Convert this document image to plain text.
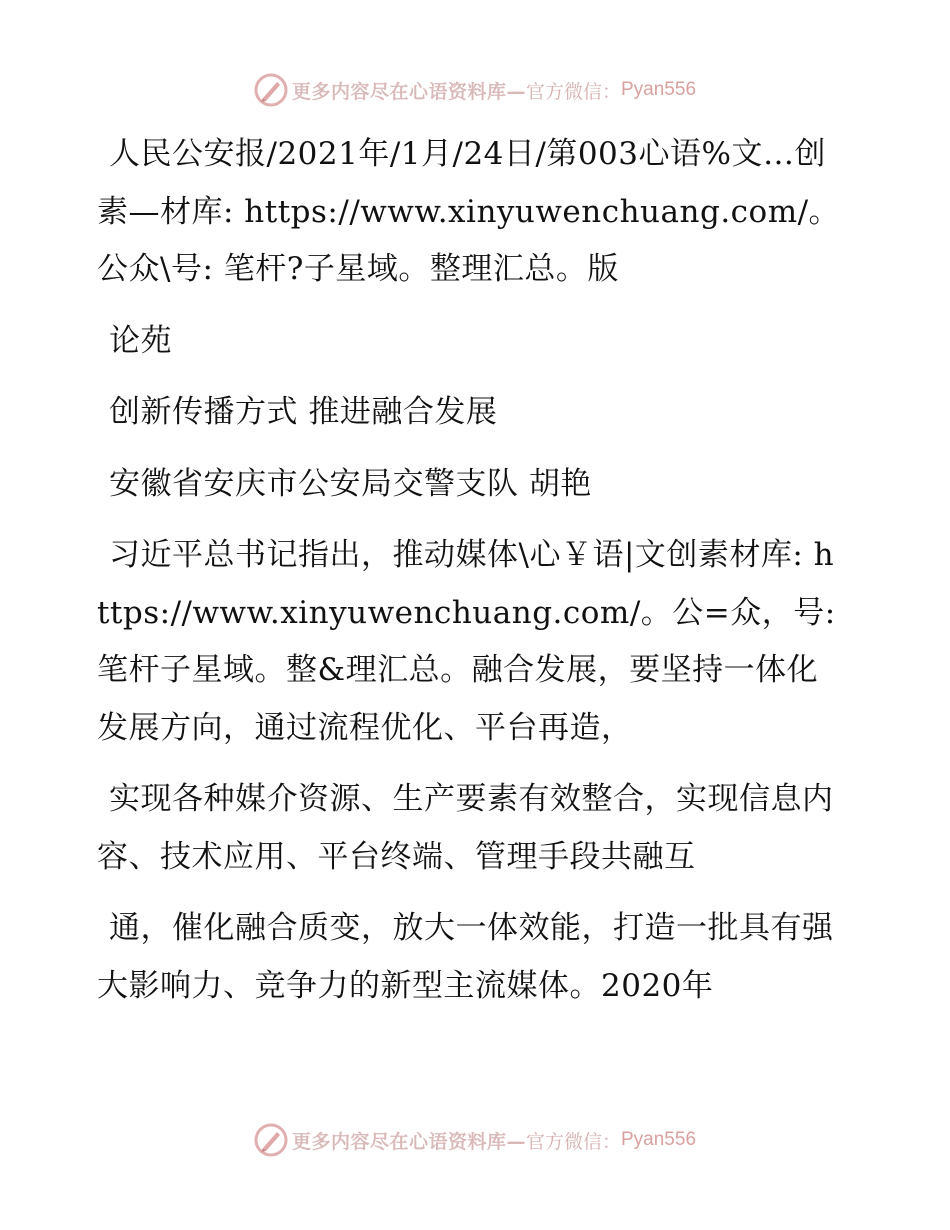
更多内容尽在心语资料库— 官方微信： Pyan556

人民公安报/2021年/1月/24日/第003心语%文…创素—材库: https://www.xinyuwenchuang.com/。公众\号: 笔杆?子星域。整理汇总。版

论苑

创新传播方式 推进融合发展

安徽省安庆市公安局交警支队 胡艳

习近平总书记指出，推动媒体\心￥语|文创素材库: https://www.xinyuwenchuang.com/。公=众，号: 笔杆子星域。整&理汇总。融合发展，要坚持一体化发展方向，通过流程优化、平台再造，

实现各种媒介资源、生产要素有效整合，实现信息内容、技术应用、平台终端、管理手段共融互

通，催化融合质变，放大一体效能，打造一批具有强大影响力、竞争力的新型主流媒体。2020年

更多内容尽在心语资料库— 官方微信： Pyan556
